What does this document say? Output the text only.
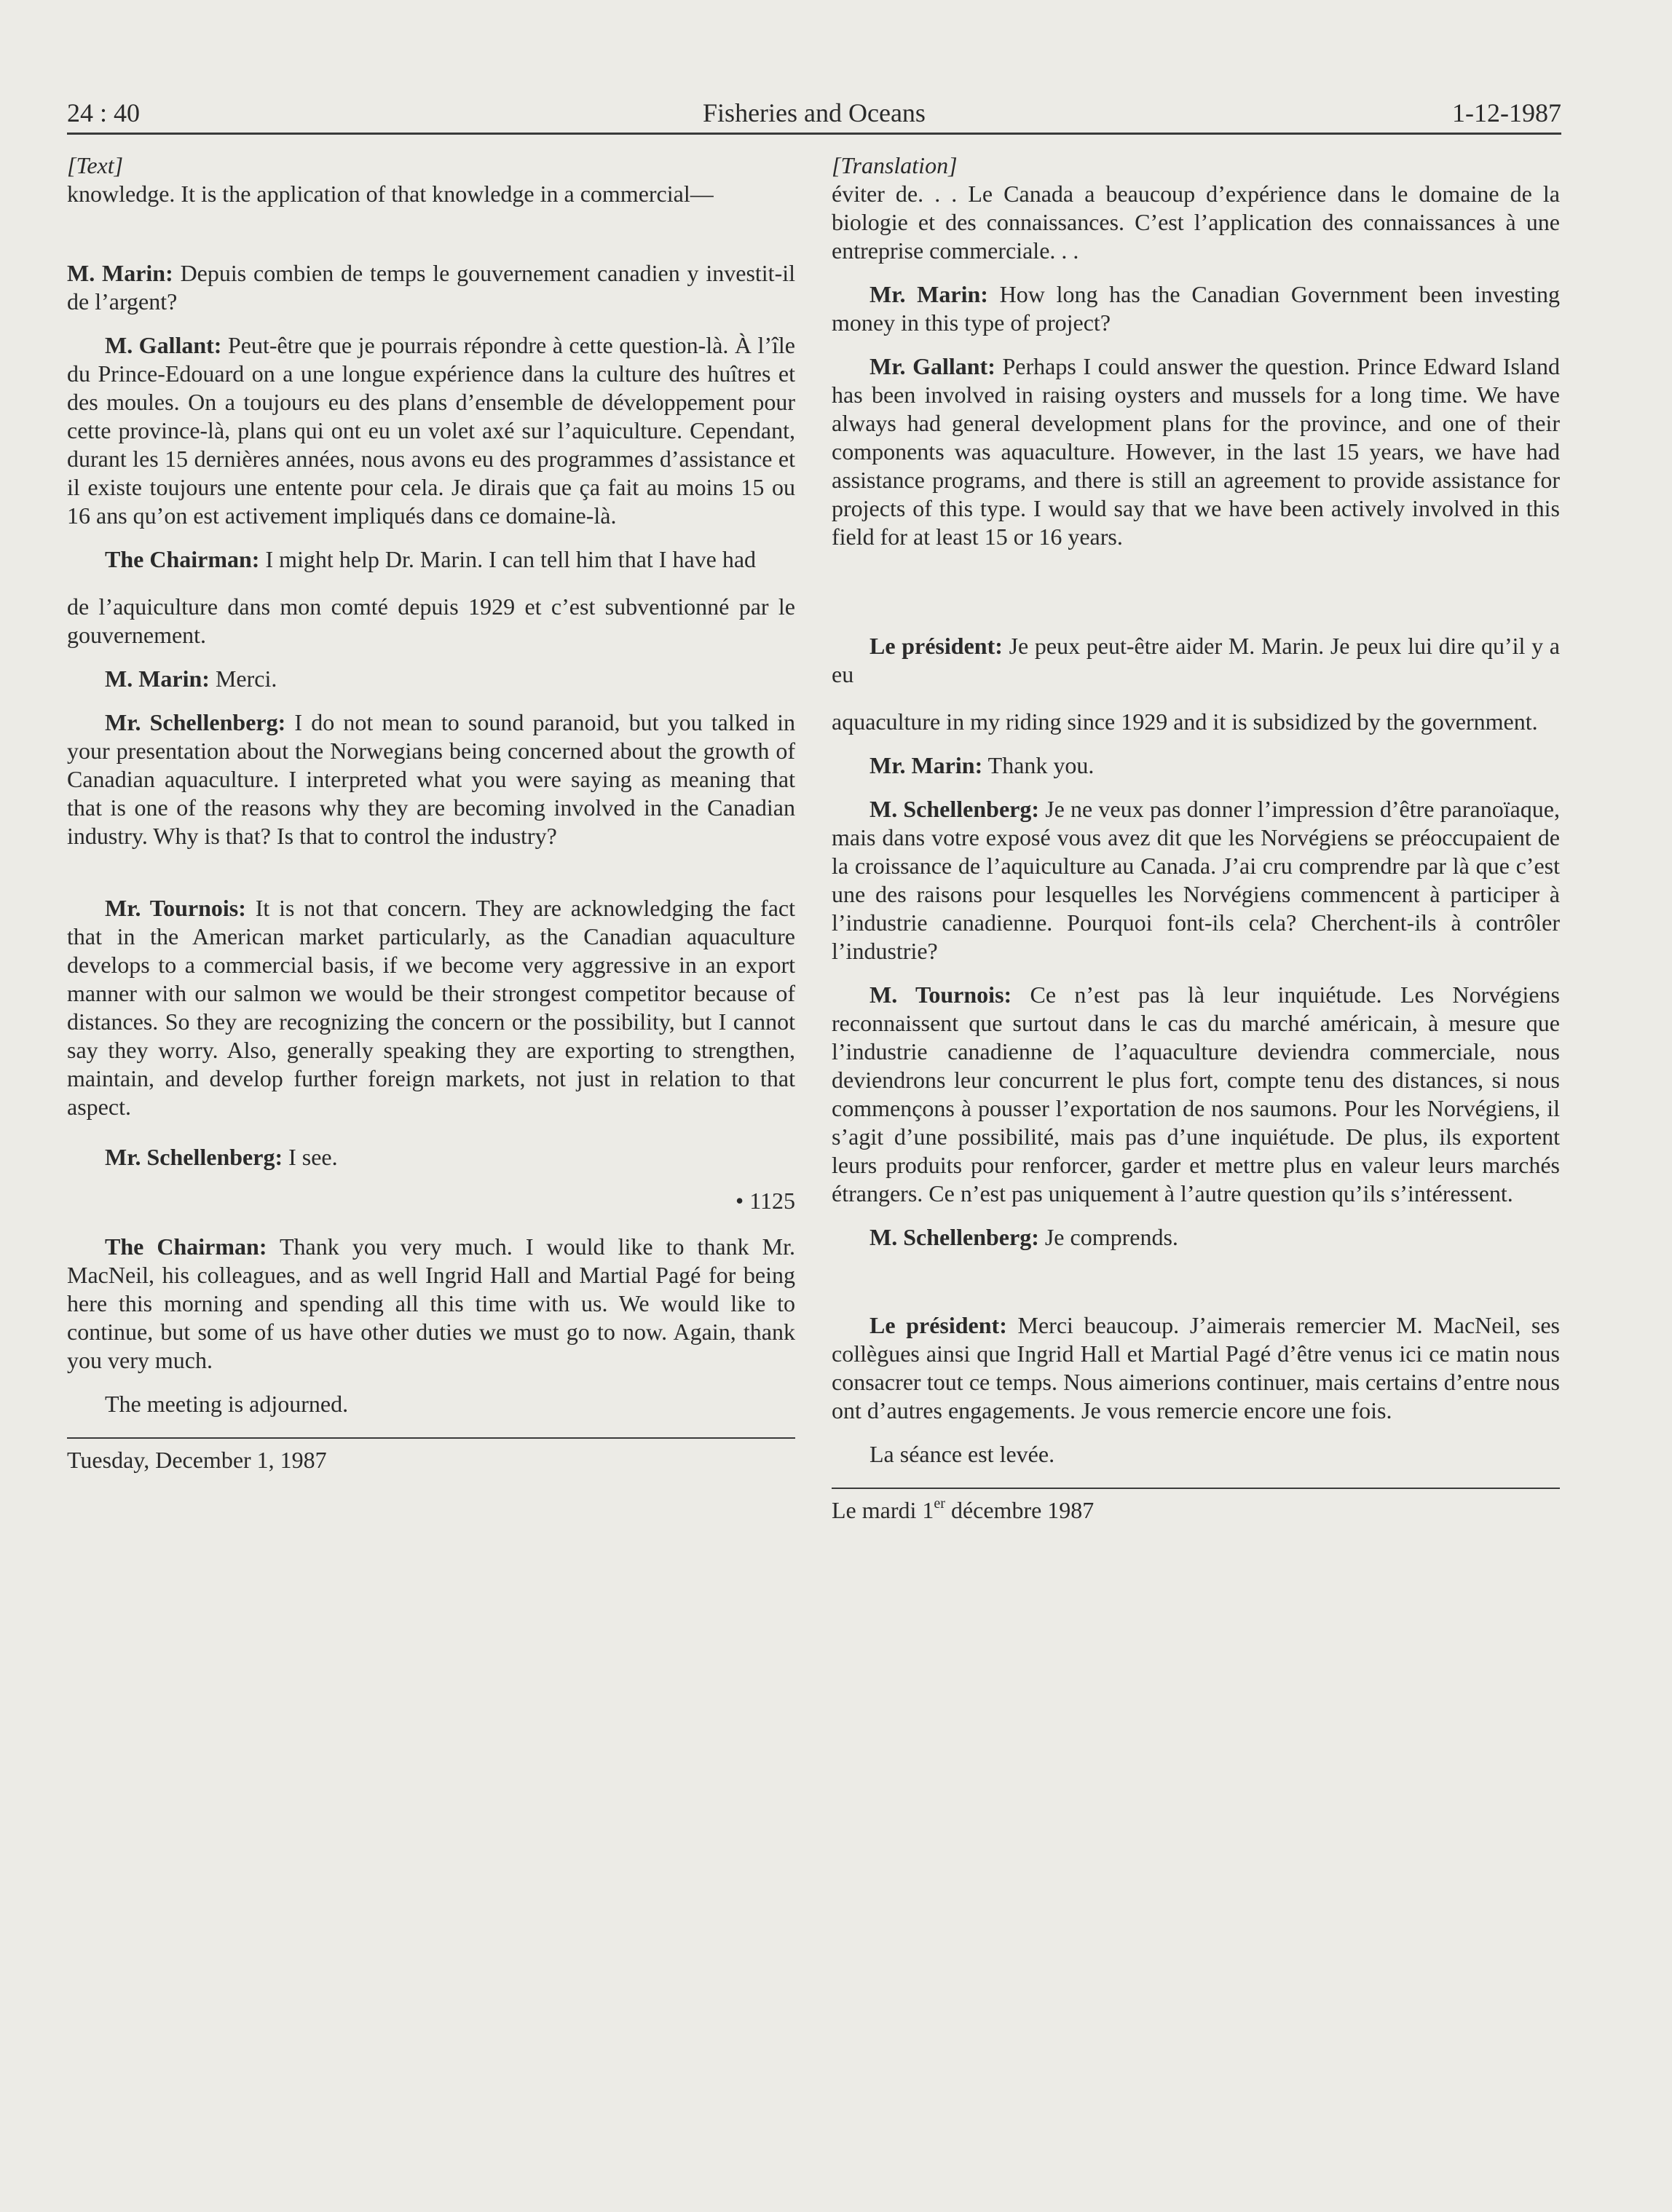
24 : 40	Fisheries and Oceans	1-12-1987

[Text]

knowledge. It is the application of that knowledge in a commercial—

M. Marin: Depuis combien de temps le gouvernement canadien y investit-il de l’argent?

M. Gallant: Peut-être que je pourrais répondre à cette question-là. À l’île du Prince-Edouard on a une longue expérience dans la culture des huîtres et des moules. On a toujours eu des plans d’ensemble de développement pour cette province-là, plans qui ont eu un volet axé sur l’aquiculture. Cependant, durant les 15 dernières années, nous avons eu des programmes d’assistance et il existe toujours une entente pour cela. Je dirais que ça fait au moins 15 ou 16 ans qu’on est activement impliqués dans ce domaine-là.

The Chairman: I might help Dr. Marin. I can tell him that I have had

de l’aquiculture dans mon comté depuis 1929 et c’est subventionné par le gouvernement.

M. Marin: Merci.

Mr. Schellenberg: I do not mean to sound paranoid, but you talked in your presentation about the Norwegians being concerned about the growth of Canadian aquaculture. I interpreted what you were saying as meaning that that is one of the reasons why they are becoming involved in the Canadian industry. Why is that? Is that to control the industry?

Mr. Tournois: It is not that concern. They are acknowledging the fact that in the American market particularly, as the Canadian aquaculture develops to a commercial basis, if we become very aggressive in an export manner with our salmon we would be their strongest competitor because of distances. So they are recognizing the concern or the possibility, but I cannot say they worry. Also, generally speaking they are exporting to strengthen, maintain, and develop further foreign markets, not just in relation to that aspect.

Mr. Schellenberg: I see.

• 1125

The Chairman: Thank you very much. I would like to thank Mr. MacNeil, his colleagues, and as well Ingrid Hall and Martial Pagé for being here this morning and spending all this time with us. We would like to continue, but some of us have other duties we must go to now. Again, thank you very much.

The meeting is adjourned.

Tuesday, December 1, 1987

[Translation]

éviter de. . . Le Canada a beaucoup d’expérience dans le domaine de la biologie et des connaissances. C’est l’application des connaissances à une entreprise commerciale. . .

Mr. Marin: How long has the Canadian Government been investing money in this type of project?

Mr. Gallant: Perhaps I could answer the question. Prince Edward Island has been involved in raising oysters and mussels for a long time. We have always had general development plans for the province, and one of their components was aquaculture. However, in the last 15 years, we have had assistance programs, and there is still an agreement to provide assistance for projects of this type. I would say that we have been actively involved in this field for at least 15 or 16 years.

Le président: Je peux peut-être aider M. Marin. Je peux lui dire qu’il y a eu

aquaculture in my riding since 1929 and it is subsidized by the government.

Mr. Marin: Thank you.

M. Schellenberg: Je ne veux pas donner l’impression d’être paranoïaque, mais dans votre exposé vous avez dit que les Norvégiens se préoccupaient de la croissance de l’aquiculture au Canada. J’ai cru comprendre par là que c’est une des raisons pour lesquelles les Norvégiens commencent à participer à l’industrie canadienne. Pourquoi font-ils cela? Cherchent-ils à contrôler l’industrie?

M. Tournois: Ce n’est pas là leur inquiétude. Les Norvégiens reconnaissent que surtout dans le cas du marché américain, à mesure que l’industrie canadienne de l’aquaculture deviendra commerciale, nous deviendrons leur concurrent le plus fort, compte tenu des distances, si nous commençons à pousser l’exportation de nos saumons. Pour les Norvégiens, il s’agit d’une possibilité, mais pas d’une inquiétude. De plus, ils exportent leurs produits pour renforcer, garder et mettre plus en valeur leurs marchés étrangers. Ce n’est pas uniquement à l’autre question qu’ils s’intéressent.

M. Schellenberg: Je comprends.

Le président: Merci beaucoup. J’aimerais remercier M. MacNeil, ses collègues ainsi que Ingrid Hall et Martial Pagé d’être venus ici ce matin nous consacrer tout ce temps. Nous aimerions continuer, mais certains d’entre nous ont d’autres engagements. Je vous remercie encore une fois.

La séance est levée.

Le mardi 1er décembre 1987
